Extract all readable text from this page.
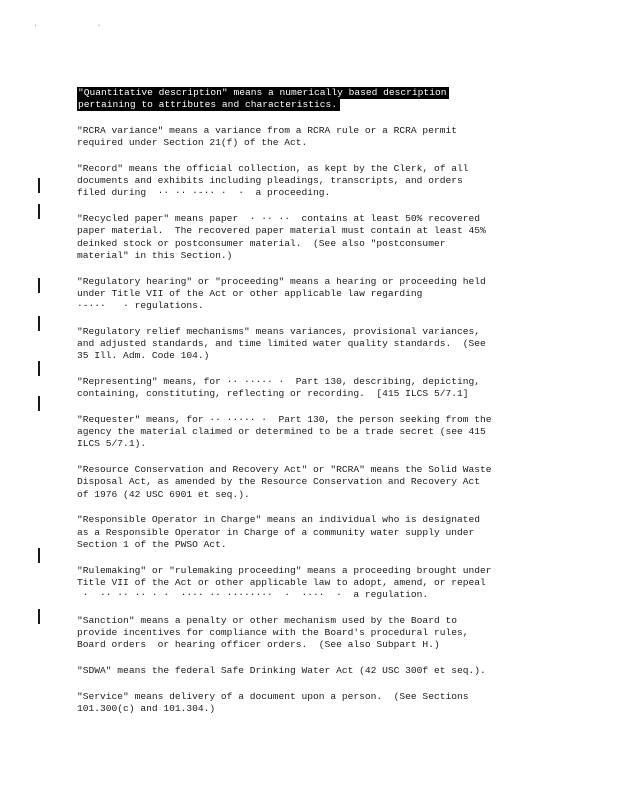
' '
"Quantitative description" means a numerically based description
pertaining to attributes and characteristics.
"RCRA variance" means a variance from a RCRA rule or a RCRA permit
required under Section 21(f) of the Act.
"Record" means the official collection, as kept by the Clerk, of all
documents and exhibits including pleadings, transcripts, and orders
filed during  ·· ·· ·-·· ·  ·  a proceeding.
"Recycled paper" means paper  · ·· ··  contains at least 50% recovered
paper material.  The recovered paper material must contain at least 45%
deinked stock or postconsumer material.  (See also "postconsumer
material" in this Section.)
"Regulatory hearing" or "proceeding" means a hearing or proceeding held
under Title VII of the Act or other applicable law regarding
·-···   · regulations.
"Regulatory relief mechanisms" means variances, provisional variances,
and adjusted standards, and time limited water quality standards.  (See
35 Ill. Adm. Code 104.)
"Representing" means, for ·· ····· ·  Part 130, describing, depicting,
containing, constituting, reflecting or recording.  [415 ILCS 5/7.1]
"Requester" means, for ·· ····· ·  Part 130, the person seeking from the
agency the material claimed or determined to be a trade secret (see 415
ILCS 5/7.1).
"Resource Conservation and Recovery Act" or "RCRA" means the Solid Waste
Disposal Act, as amended by the Resource Conservation and Recovery Act
of 1976 (42 USC 6901 et seq.).
"Responsible Operator in Charge" means an individual who is designated
as a Responsible Operator in Charge of a community water supply under
Section 1 of the PWSO Act.
"Rulemaking" or "rulemaking proceeding" means a proceeding brought under
Title VII of the Act or other applicable law to adopt, amend, or repeal
·  ·· ·· ·· · ·  ···· ·· ········  ·  ····  ·  a regulation.
"Sanction" means a penalty or other mechanism used by the Board to
provide incentives for compliance with the Board's procedural rules,
Board orders  or hearing officer orders.  (See also Subpart H.)
"SDWA" means the federal Safe Drinking Water Act (42 USC 300f et seq.).
"Service" means delivery of a document upon a person.  (See Sections
101.300(c) and 101.304.)
